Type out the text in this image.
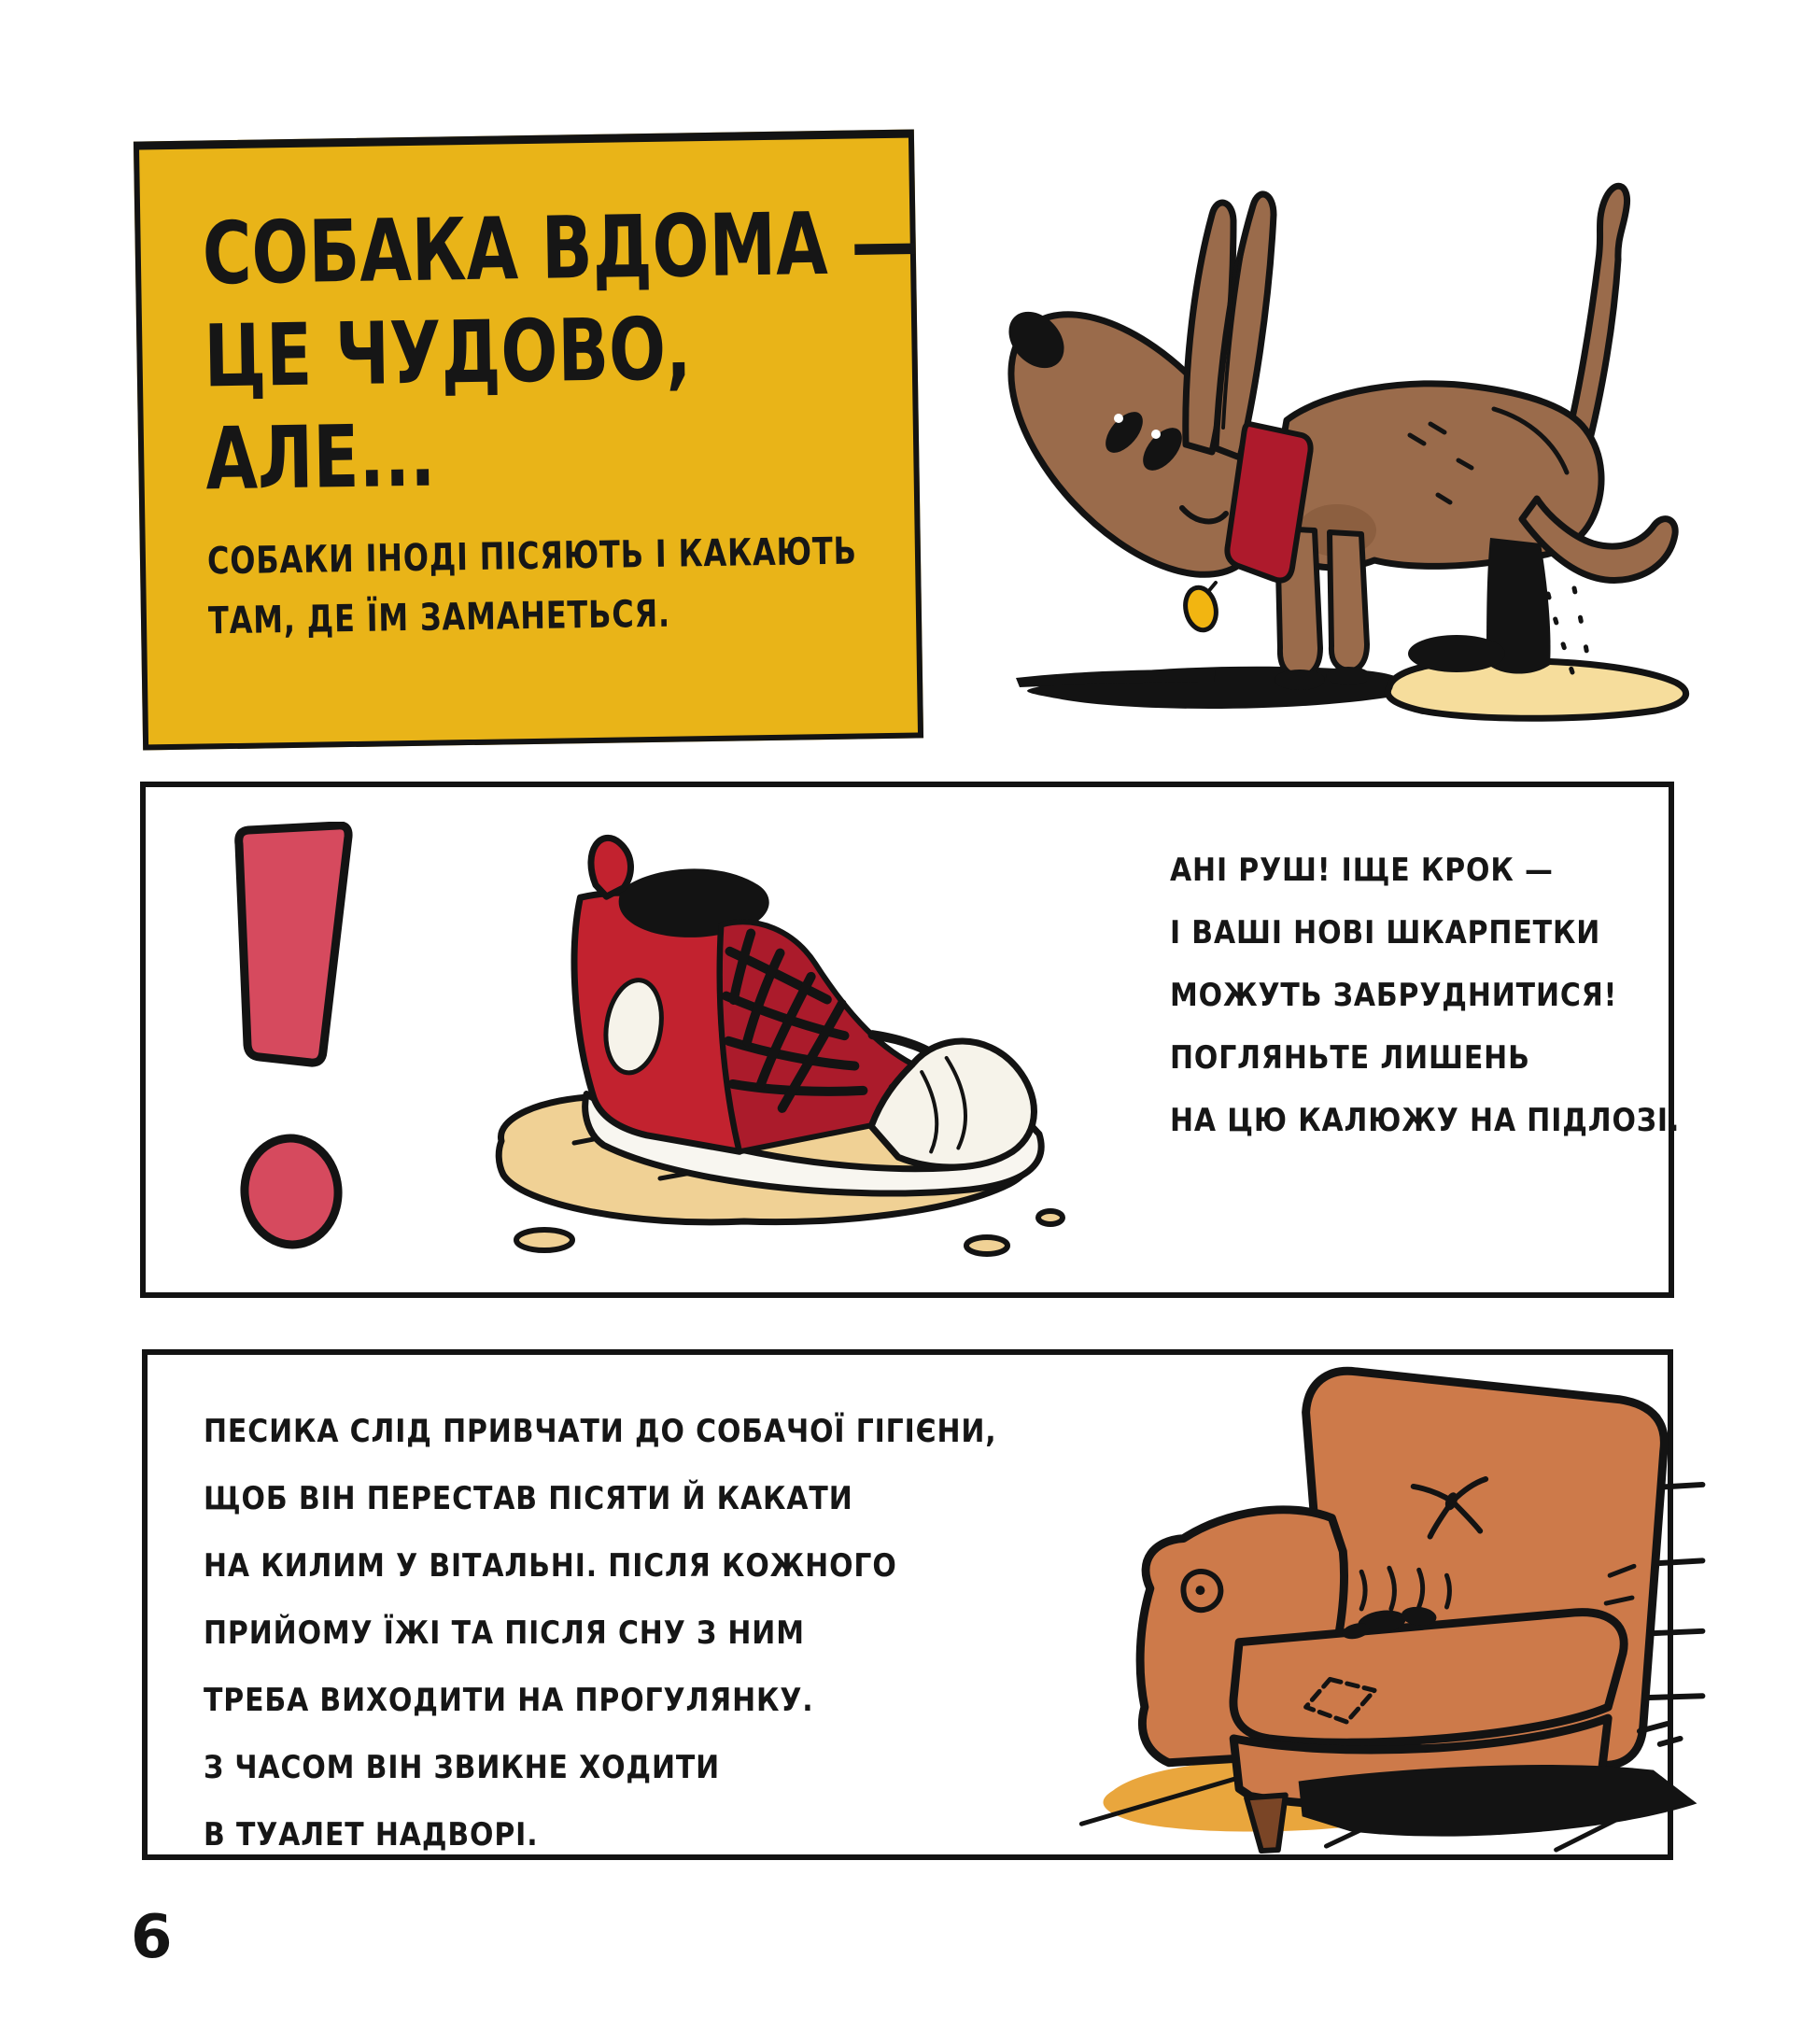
СОБАКА ВДОМА —
ЦЕ ЧУДОВО,
АЛЕ...
СОБАКИ ІНОДІ ПІСЯЮТЬ І КАКАЮТЬ
ТАМ, ДЕ ЇМ ЗАМАНЕТЬСЯ.
АНІ РУШ! ІЩЕ КРОК —
І ВАШІ НОВІ ШКАРПЕТКИ
МОЖУТЬ ЗАБРУДНИТИСЯ!
ПОГЛЯНЬТЕ ЛИШЕНЬ
НА ЦЮ КАЛЮЖУ НА ПІДЛОЗІ.
ПЕСИКА СЛІД ПРИВЧАТИ ДО СОБАЧОЇ ГІГІЄНИ,
ЩОБ ВІН ПЕРЕСТАВ ПІСЯТИ Й КАКАТИ
НА КИЛИМ У ВІТАЛЬНІ. ПІСЛЯ КОЖНОГО
ПРИЙОМУ ЇЖІ ТА ПІСЛЯ СНУ З НИМ
ТРЕБА ВИХОДИТИ НА ПРОГУЛЯНКУ.
З ЧАСОМ ВІН ЗВИКНЕ ХОДИТИ
В ТУАЛЕТ НАДВОРІ.
6
